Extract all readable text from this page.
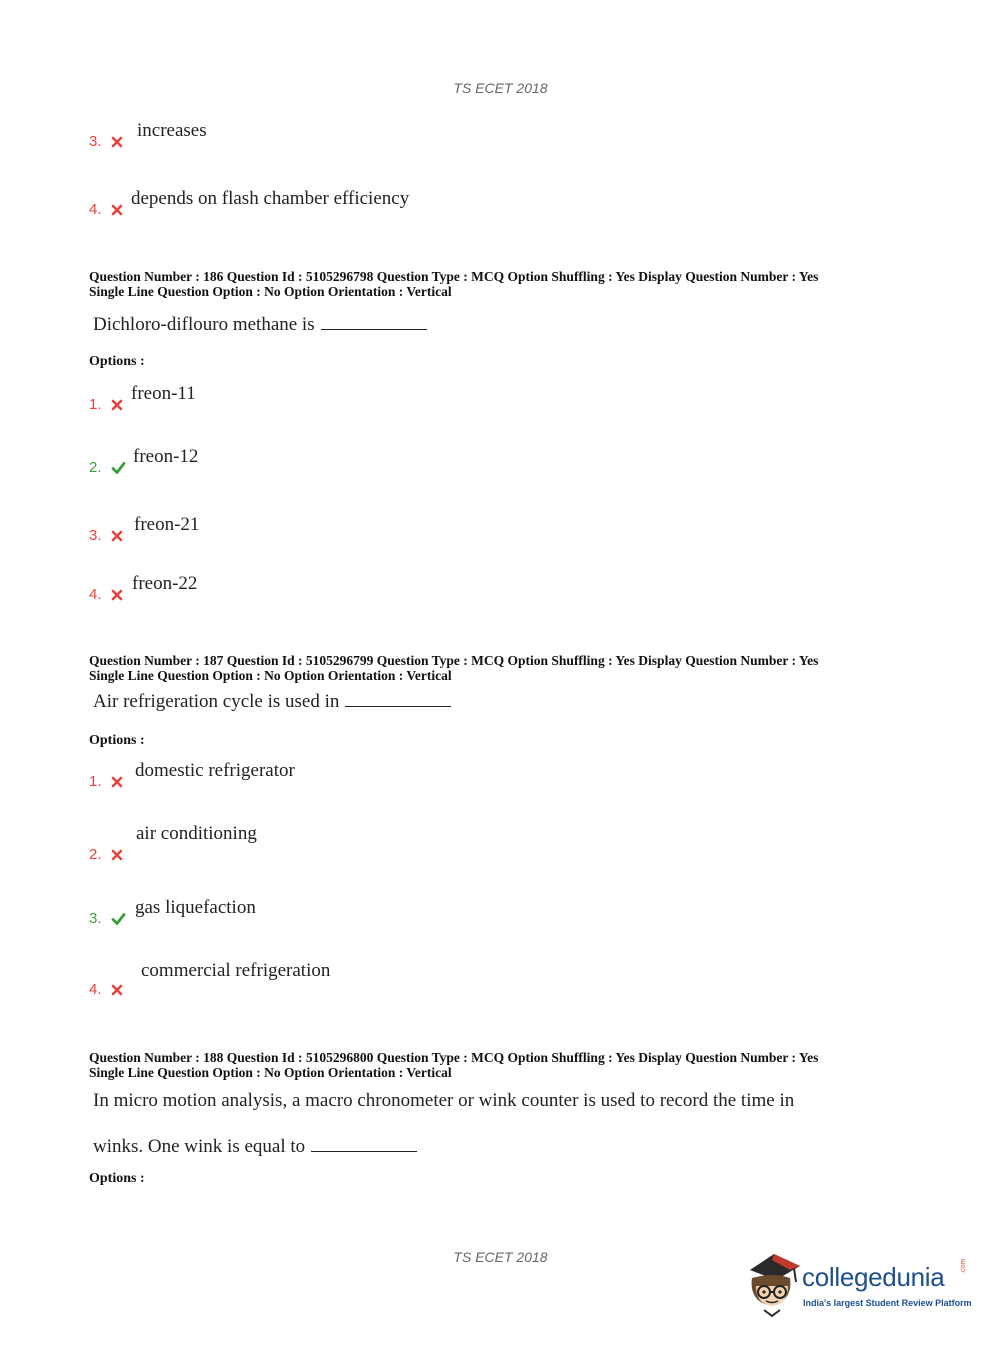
TS ECET 2018
3.
increases
4.
depends on flash chamber efficiency
Question Number : 186 Question Id : 5105296798 Question Type : MCQ Option Shuffling : Yes Display Question Number : Yes
Single Line Question Option : No Option Orientation : Vertical
Dichloro-diflouro methane is
Options :
1.
freon-11
2.
freon-12
3.
freon-21
4.
freon-22
Question Number : 187 Question Id : 5105296799 Question Type : MCQ Option Shuffling : Yes Display Question Number : Yes
Single Line Question Option : No Option Orientation : Vertical
Air refrigeration cycle is used in
Options :
1.
domestic refrigerator
2.
air conditioning
3.
gas liquefaction
4.
commercial refrigeration
Question Number : 188 Question Id : 5105296800 Question Type : MCQ Option Shuffling : Yes Display Question Number : Yes
Single Line Question Option : No Option Orientation : Vertical
In micro motion analysis, a macro chronometer or wink counter is used to record the time in
winks. One wink is equal to
Options :
TS ECET 2018
collegedunia .com
India's largest Student Review Platform
